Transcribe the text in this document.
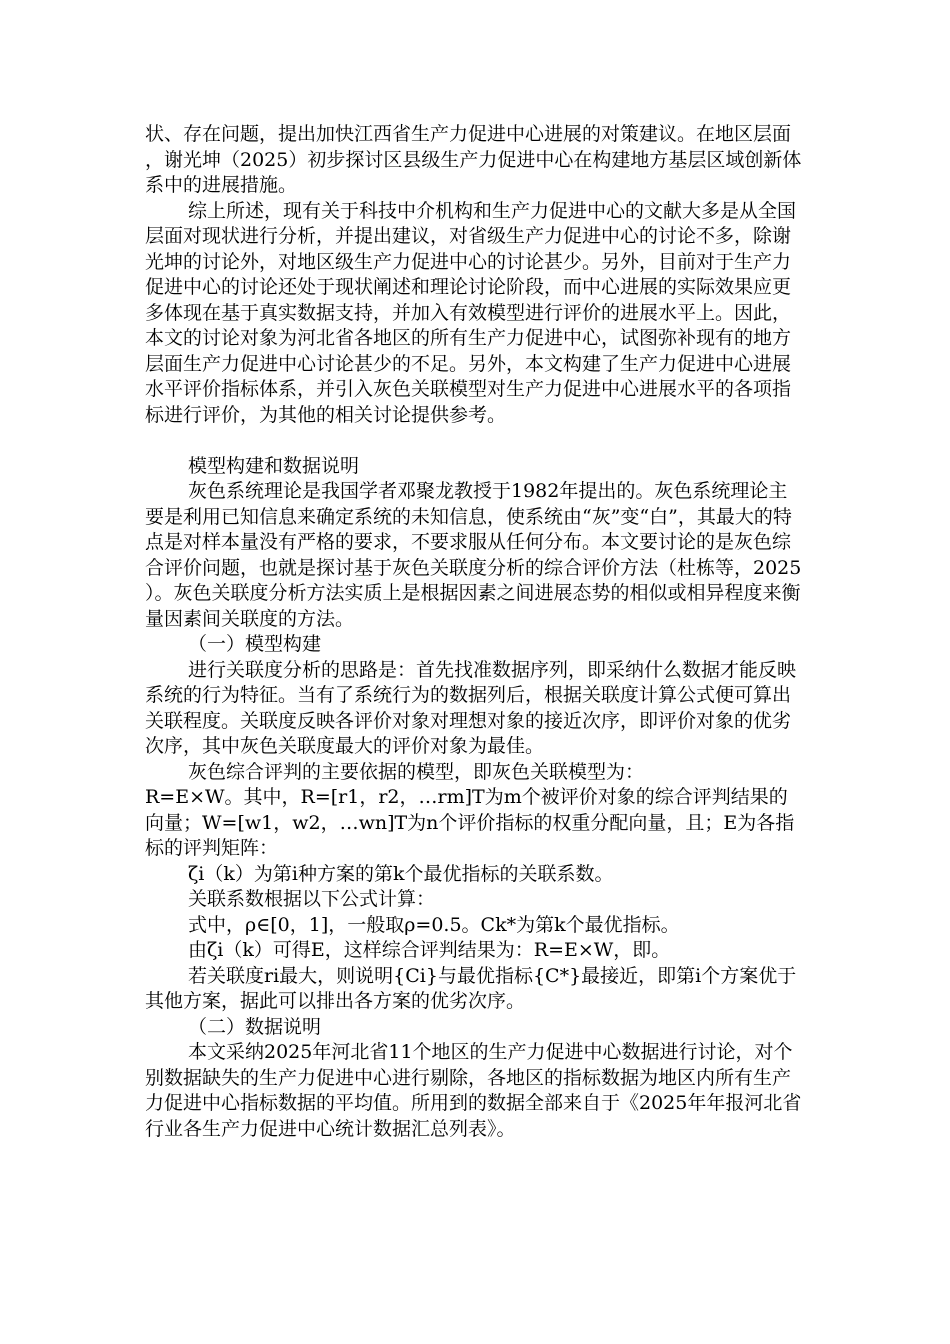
状、存在问题，提出加快江西省生产力促进中心进展的对策建议。在地区层面，谢光坤（2025）初步探讨区县级生产力促进中心在构建地方基层区域创新体系中的进展措施。

综上所述，现有关于科技中介机构和生产力促进中心的文献大多是从全国层面对现状进行分析，并提出建议，对省级生产力促进中心的讨论不多，除谢光坤的讨论外，对地区级生产力促进中心的讨论甚少。另外，目前对于生产力促进中心的讨论还处于现状阐述和理论讨论阶段，而中心进展的实际效果应更多体现在基于真实数据支持，并加入有效模型进行评价的进展水平上。因此，本文的讨论对象为河北省各地区的所有生产力促进中心，试图弥补现有的地方层面生产力促进中心讨论甚少的不足。另外，本文构建了生产力促进中心进展水平评价指标体系，并引入灰色关联模型对生产力促进中心进展水平的各项指标进行评价，为其他的相关讨论提供参考。

模型构建和数据说明

灰色系统理论是我国学者邓聚龙教授于1982年提出的。灰色系统理论主要是利用已知信息来确定系统的未知信息，使系统由“灰”变“白”，其最大的特点是对样本量没有严格的要求，不要求服从任何分布。本文要讨论的是灰色综合评价问题，也就是探讨基于灰色关联度分析的综合评价方法（杜栋等，2025）。灰色关联度分析方法实质上是根据因素之间进展态势的相似或相异程度来衡量因素间关联度的方法。

（一）模型构建

进行关联度分析的思路是：首先找准数据序列，即采纳什么数据才能反映系统的行为特征。当有了系统行为的数据列后，根据关联度计算公式便可算出关联程度。关联度反映各评价对象对理想对象的接近次序，即评价对象的优劣次序，其中灰色关联度最大的评价对象为最佳。

灰色综合评判的主要依据的模型，即灰色关联模型为：

R=E×W。其中，R=[r1，r2，…rm]T为m个被评价对象的综合评判结果的向量；W=[w1，w2，…wn]T为n个评价指标的权重分配向量，且；E为各指标的评判矩阵：

ζi（k）为第i种方案的第k个最优指标的关联系数。

关联系数根据以下公式计算：

式中，ρ∈[0，1]，一般取ρ=0.5。Ck*为第k个最优指标。

由ζi（k）可得E，这样综合评判结果为：R=E×W，即。

若关联度ri最大，则说明{Ci}与最优指标{C*}最接近，即第i个方案优于其他方案，据此可以排出各方案的优劣次序。

（二）数据说明

本文采纳2025年河北省11个地区的生产力促进中心数据进行讨论，对个别数据缺失的生产力促进中心进行剔除，各地区的指标数据为地区内所有生产力促进中心指标数据的平均值。所用到的数据全部来自于《2025年年报河北省行业各生产力促进中心统计数据汇总列表》。
